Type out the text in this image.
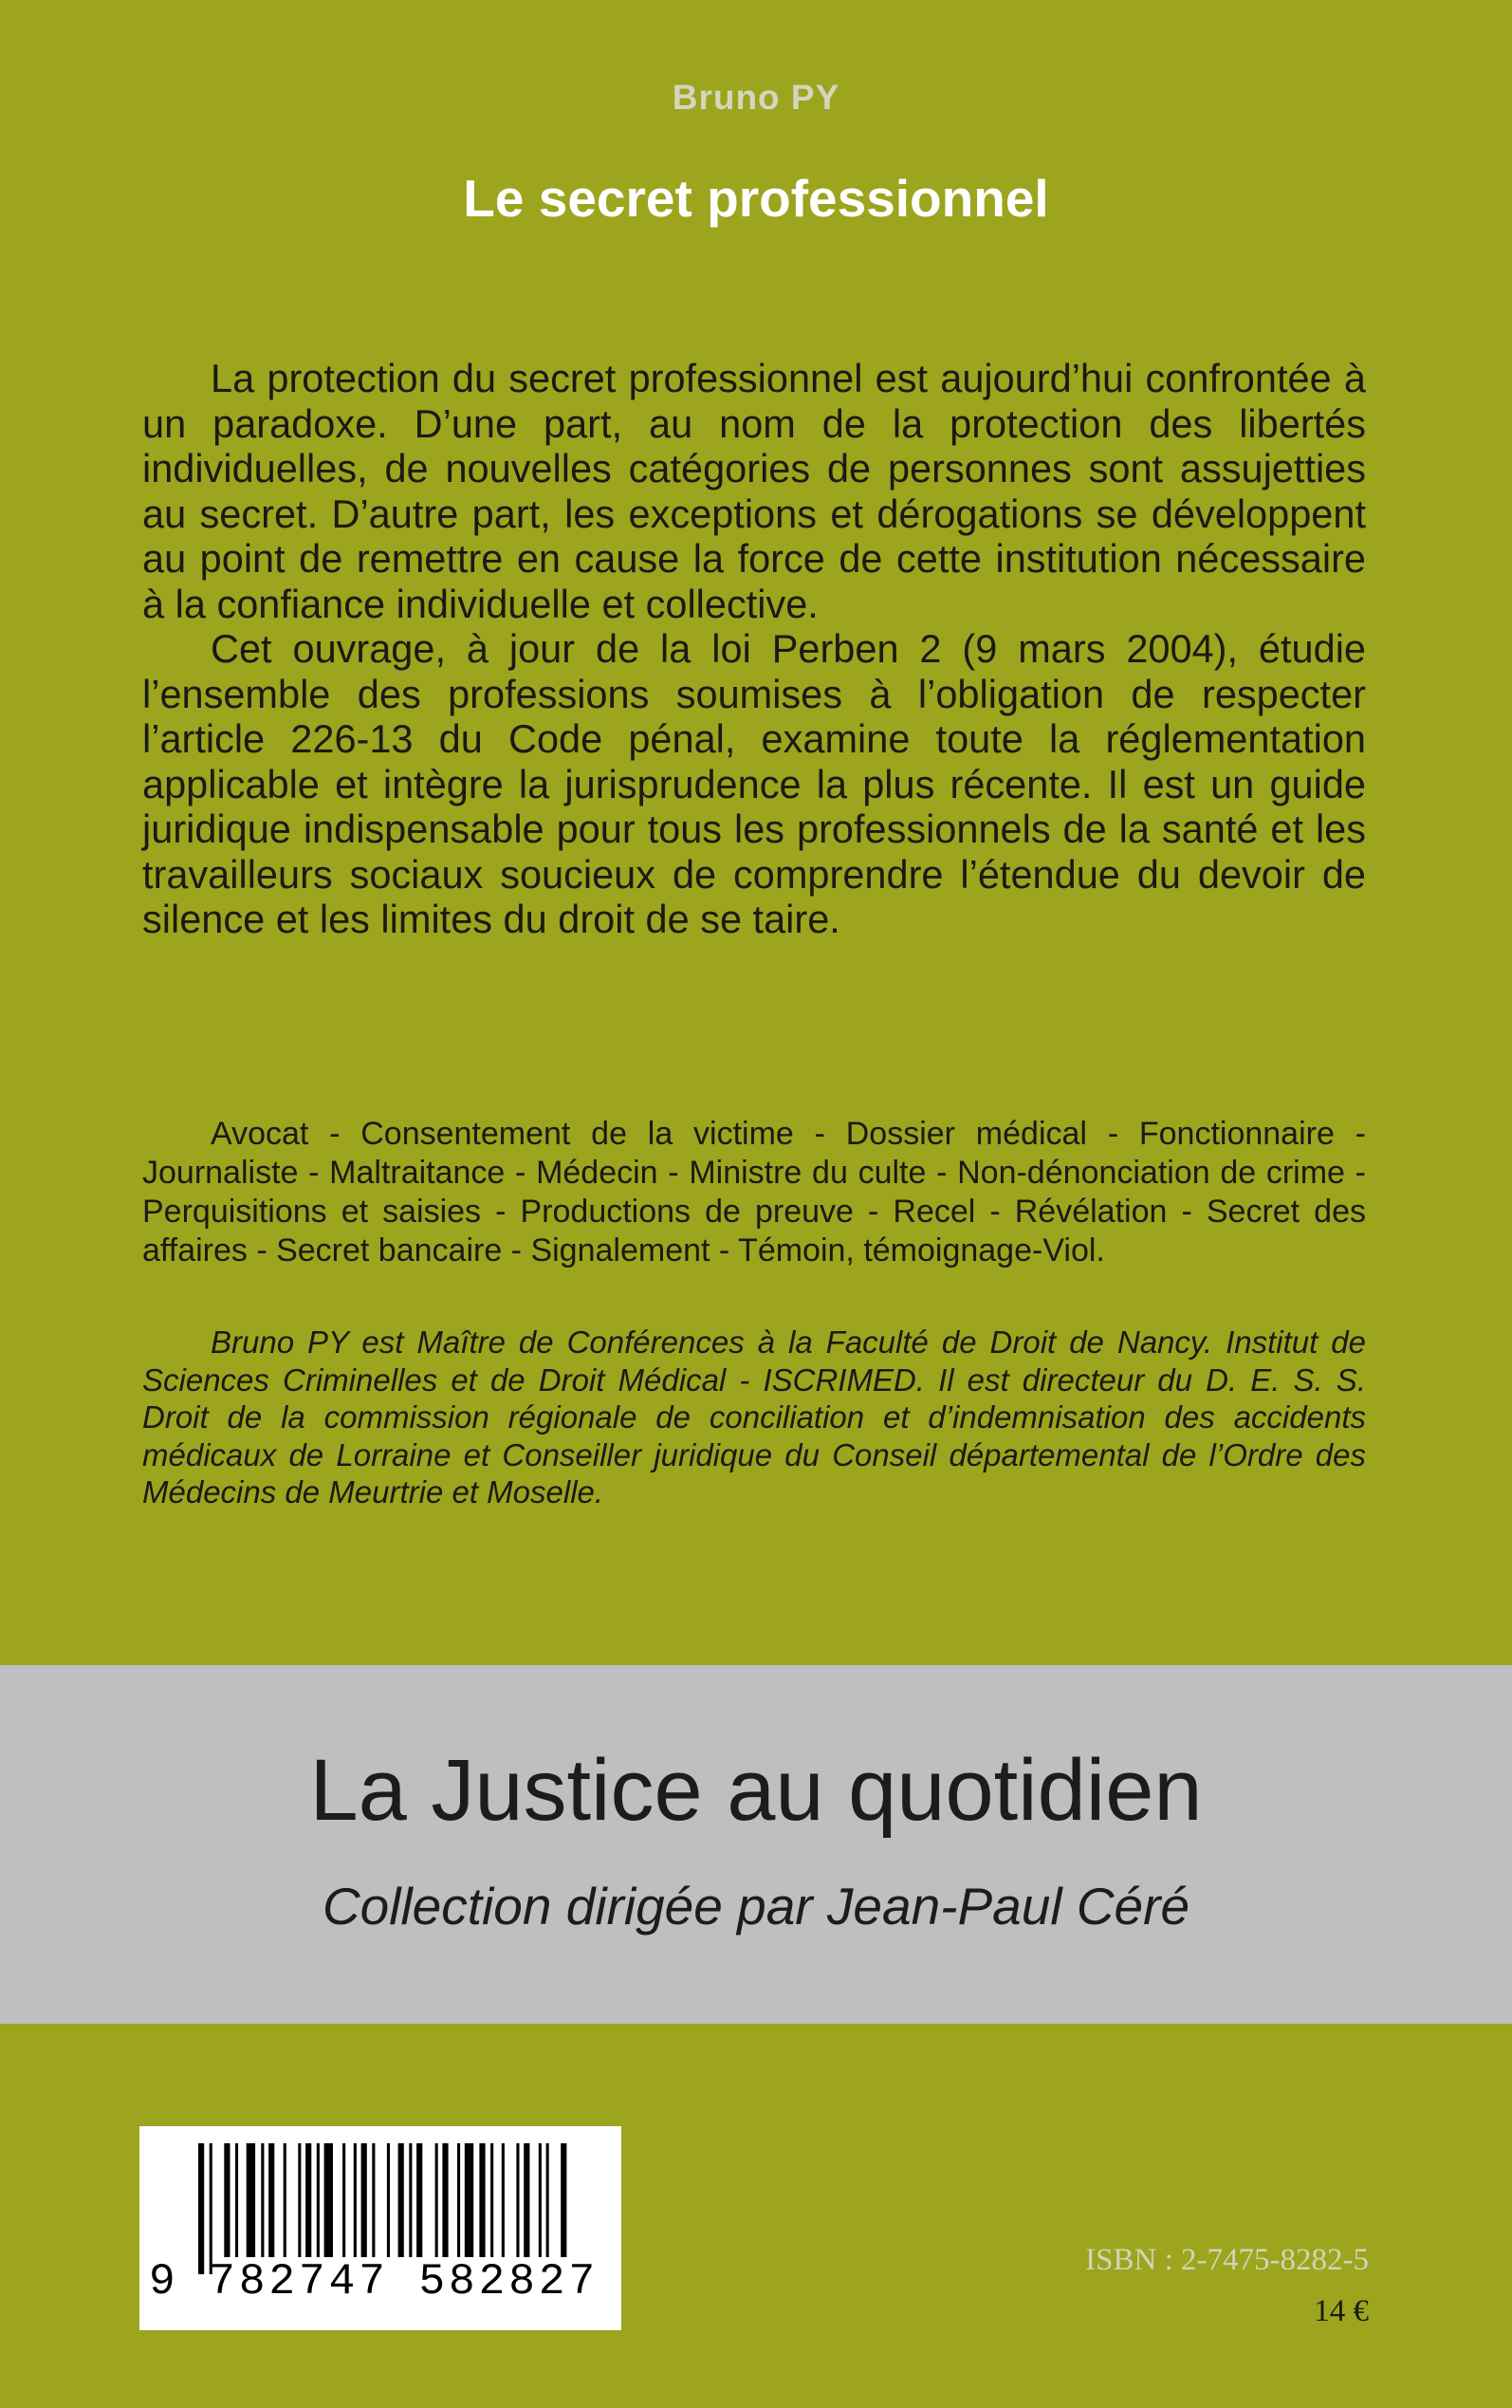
Bruno PY
Le secret professionnel

La protection du secret professionnel est aujourd’hui confrontée à un paradoxe. D’une part, au nom de la protection des libertés individuelles, de nouvelles catégories de personnes sont assujetties au secret. D’autre part, les exceptions et dérogations se développent au point de remettre en cause la force de cette institution nécessaire à la confiance individuelle et collective.

Cet ouvrage, à jour de la loi Perben 2 (9 mars 2004), étudie l’ensemble des professions soumises à l’obligation de respecter l’article 226-13 du Code pénal, examine toute la réglementation applicable et intègre la jurisprudence la plus récente. Il est un guide juridique indispensable pour tous les professionnels de la santé et les travailleurs sociaux soucieux de comprendre l’étendue du devoir de silence et les limites du droit de se taire.

Avocat - Consentement de la victime - Dossier médical - Fonctionnaire - Journaliste - Maltraitance - Médecin - Ministre du culte - Non-dénonciation de crime - Perquisitions et saisies - Productions de preuve - Recel - Révélation - Secret des affaires - Secret bancaire - Signalement - Témoin, témoignage-Viol.

Bruno PY est Maître de Conférences à la Faculté de Droit de Nancy. Institut de Sciences Criminelles et de Droit Médical - ISCRIMED. Il est directeur du D. E. S. S. Droit de la commission régionale de conciliation et d’indemnisation des accidents médicaux de Lorraine et Conseiller juridique du Conseil départemental de l’Ordre des Médecins de Meurtrie et Moselle.

La Justice au quotidien
Collection dirigée par Jean-Paul Céré
9 782747 582827	ISBN : 2-7475-8282-5
14 €
